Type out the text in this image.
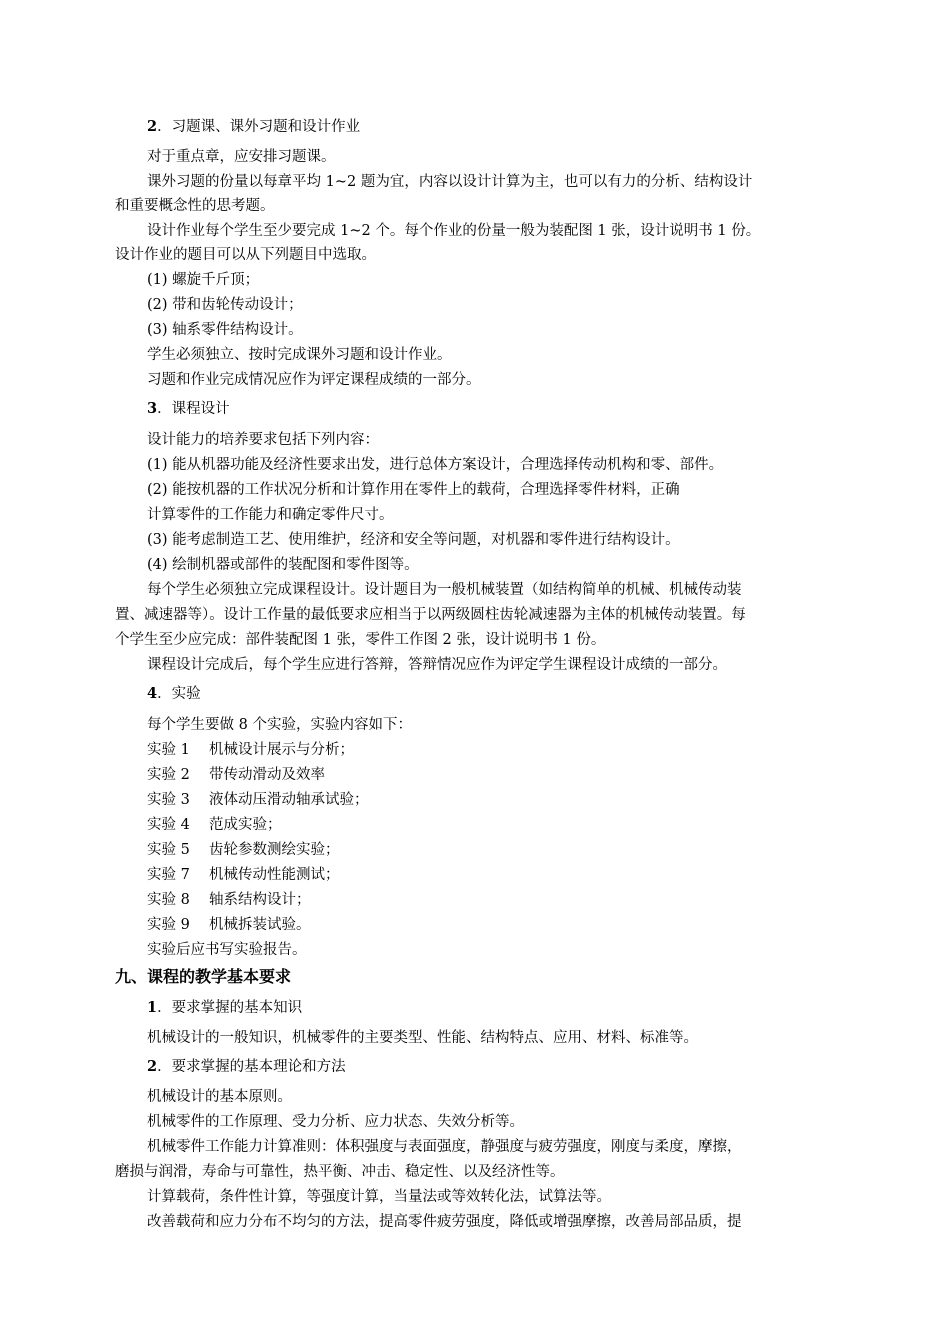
2．习题课、课外习题和设计作业
对于重点章，应安排习题课。
课外习题的份量以每章平均 1~2 题为宜，内容以设计计算为主，也可以有力的分析、结构设计
和重要概念性的思考题。
设计作业每个学生至少要完成 1~2 个。每个作业的份量一般为装配图 1 张，设计说明书 1 份。
设计作业的题目可以从下列题目中选取。
(1) 螺旋千斤顶；
(2) 带和齿轮传动设计；
(3) 轴系零件结构设计。
学生必须独立、按时完成课外习题和设计作业。
习题和作业完成情况应作为评定课程成绩的一部分。
3．课程设计
设计能力的培养要求包括下列内容：
(1) 能从机器功能及经济性要求出发，进行总体方案设计，合理选择传动机构和零、部件。
(2) 能按机器的工作状况分析和计算作用在零件上的载荷，合理选择零件材料，正确
计算零件的工作能力和确定零件尺寸。
(3) 能考虑制造工艺、使用维护，经济和安全等问题，对机器和零件进行结构设计。
(4) 绘制机器或部件的装配图和零件图等。
每个学生必须独立完成课程设计。设计题目为一般机械装置（如结构简单的机械、机械传动装
置、减速器等）。设计工作量的最低要求应相当于以两级圆柱齿轮减速器为主体的机械传动装置。每
个学生至少应完成：部件装配图 1 张，零件工作图 2 张，设计说明书 1 份。
课程设计完成后，每个学生应进行答辩，答辩情况应作为评定学生课程设计成绩的一部分。
4．实验
每个学生要做 8 个实验，实验内容如下：
实验 1 机械设计展示与分析；
实验 2 带传动滑动及效率
实验 3 液体动压滑动轴承试验；
实验 4 范成实验；
实验 5 齿轮参数测绘实验；
实验 7 机械传动性能测试；
实验 8 轴系结构设计；
实验 9 机械拆装试验。
实验后应书写实验报告。
九、课程的教学基本要求
1．要求掌握的基本知识
机械设计的一般知识，机械零件的主要类型、性能、结构特点、应用、材料、标准等。
2．要求掌握的基本理论和方法
机械设计的基本原则。
机械零件的工作原理、受力分析、应力状态、失效分析等。
机械零件工作能力计算准则：体积强度与表面强度，静强度与疲劳强度，刚度与柔度，摩擦，
磨损与润滑，寿命与可靠性，热平衡、冲击、稳定性、以及经济性等。
计算载荷，条件性计算，等强度计算，当量法或等效转化法，试算法等。
改善载荷和应力分布不均匀的方法，提高零件疲劳强度，降低或增强摩擦，改善局部品质，提
